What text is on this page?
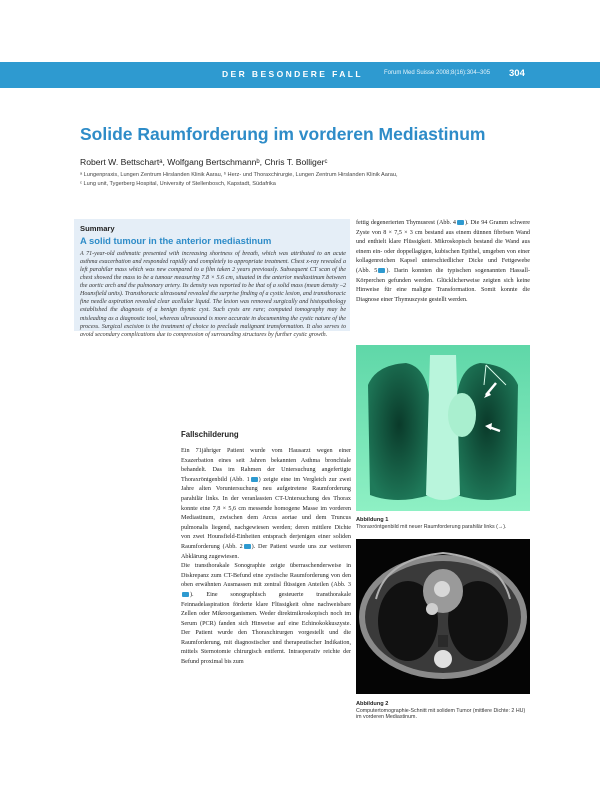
DER BESONDERE FALL	Forum Med Suisse 2008;8(16):304–305 304
Solide Raumforderung im vorderen Mediastinum
Robert W. Bettschartᵃ, Wolfgang Bertschmannᵇ, Chris T. Bolligerᶜ
ᵃ Lungenpraxis, Lungen Zentrum Hirslanden Klinik Aarau, ᵇ Herz- und Thoraxchirurgie, Lungen Zentrum Hirslanden Klinik Aarau,
ᶜ Lung unit, Tygerberg Hospital, University of Stellenbosch, Kapstadt, Südafrika
Summary
A solid tumour in the anterior mediastinum
A 71-year-old asthmatic presented with increasing shortness of breath, which was attributed to an acute asthma exacerbation and responded rapidly and completely to appropriate treatment. Chest x-ray revealed a left parahilar mass which was new compared to a film taken 2 years previously. Subsequent CT scan of the chest showed the mass to be a tumour measuring 7.8 × 5.6 cm, situated in the anterior mediastinum between the aortic arch and the pulmonary artery. Its density was reported to be that of a solid mass (mean density –2 Hounsfield units). Transthoracic ultrasound revealed the surprise finding of a cystic lesion, and transthoracic fine needle aspiration revealed clear acellular liquid. The lesion was removed surgically and histopathology established the diagnosis of a benign thymic cyst. Such cysts are rare; computed tomography may be misleading as a diagnostic tool, whereas ultrasound is more accurate in documenting the cystic nature of the process. Surgical excision is the treatment of choice to preclude malignant transformation. It also serves to avoid secondary complications due to compression of surrounding structures by further cystic growth.
Fallschilderung
Ein 71jähriger Patient wurde vom Hausarzt wegen einer Exazerbation eines seit Jahren bekannten Asthma bronchiale behandelt. Das im Rahmen der Untersuchung angefertigte Thoraxröntgenbild (Abb. 1 ) zeigte eine im Vergleich zur zwei Jahre alten Voruntersuchung neu aufgetretene Raumforderung parahilär links. In der veranlassten CT-Untersuchung des Thorax konnte eine 7,8 × 5,6 cm messende homogene Masse im vorderen Mediastinum, zwischen dem Arcus aortae und dem Truncus pulmonalis liegend, nachgewiesen werden; deren mittlere Dichte von zwei Hounsfield-Einheiten entsprach derjenigen einer soliden Raumforderung (Abb. 2 ). Der Patient wurde uns zur weiteren Abklärung zugewiesen.
Die transthorakale Sonographie zeigte überraschenderweise in Diskrepanz zum CT-Befund eine zystische Raumforderung von den oben erwähnten Ausmassen mit zentral flüssigen Anteilen (Abb. 3). Eine sonographisch gesteuerte transthorakale Feinnadelaspiration förderte klare Flüssigkeit ohne nachweisbare Zellen oder Mikroorganismen. Weder direktmikroskopisch noch im Serum (PCR) fanden sich Hinweise auf eine Echinokokkuszyste. Der Patient wurde den Thoraxchirurgen vorgestellt und die Raumforderung, mit diagnostischer und therapeutischer Indikation, mittels Sternotomie chirurgisch entfernt. Intraoperativ reichte der Befund proximal bis zum
fettig degenerierten Thymusrest (Abb. 4 ). Die 94 Gramm schwere Zyste von 8 × 7,5 × 3 cm bestand aus einem dünnen fibrösen Wand und enthielt klare Flüssigkeit. Mikroskopisch bestand die Wand aus einem ein- oder doppellagigen, kubischen Epithel, umgeben von einer kollagenreichen Kapsel unterschiedlicher Dicke und Fettgewebe (Abb. 5 ). Darin konnten die typischen sogenannten Hassall-Körperchen gefunden werden. Glücklicherweise zeigten sich keine Hinweise für eine maligne Transformation. Somit konnte die Diagnose einer Thymuszyste gestellt werden.
Abbildung 1
Thoraxröntgenbild mit neuer Raumforderung parahilär links (→).
Abbildung 2
Computertomographie-Schnitt mit solidem Tumor (mittlere Dichte: 2 HU) im vorderen Mediastinum.
